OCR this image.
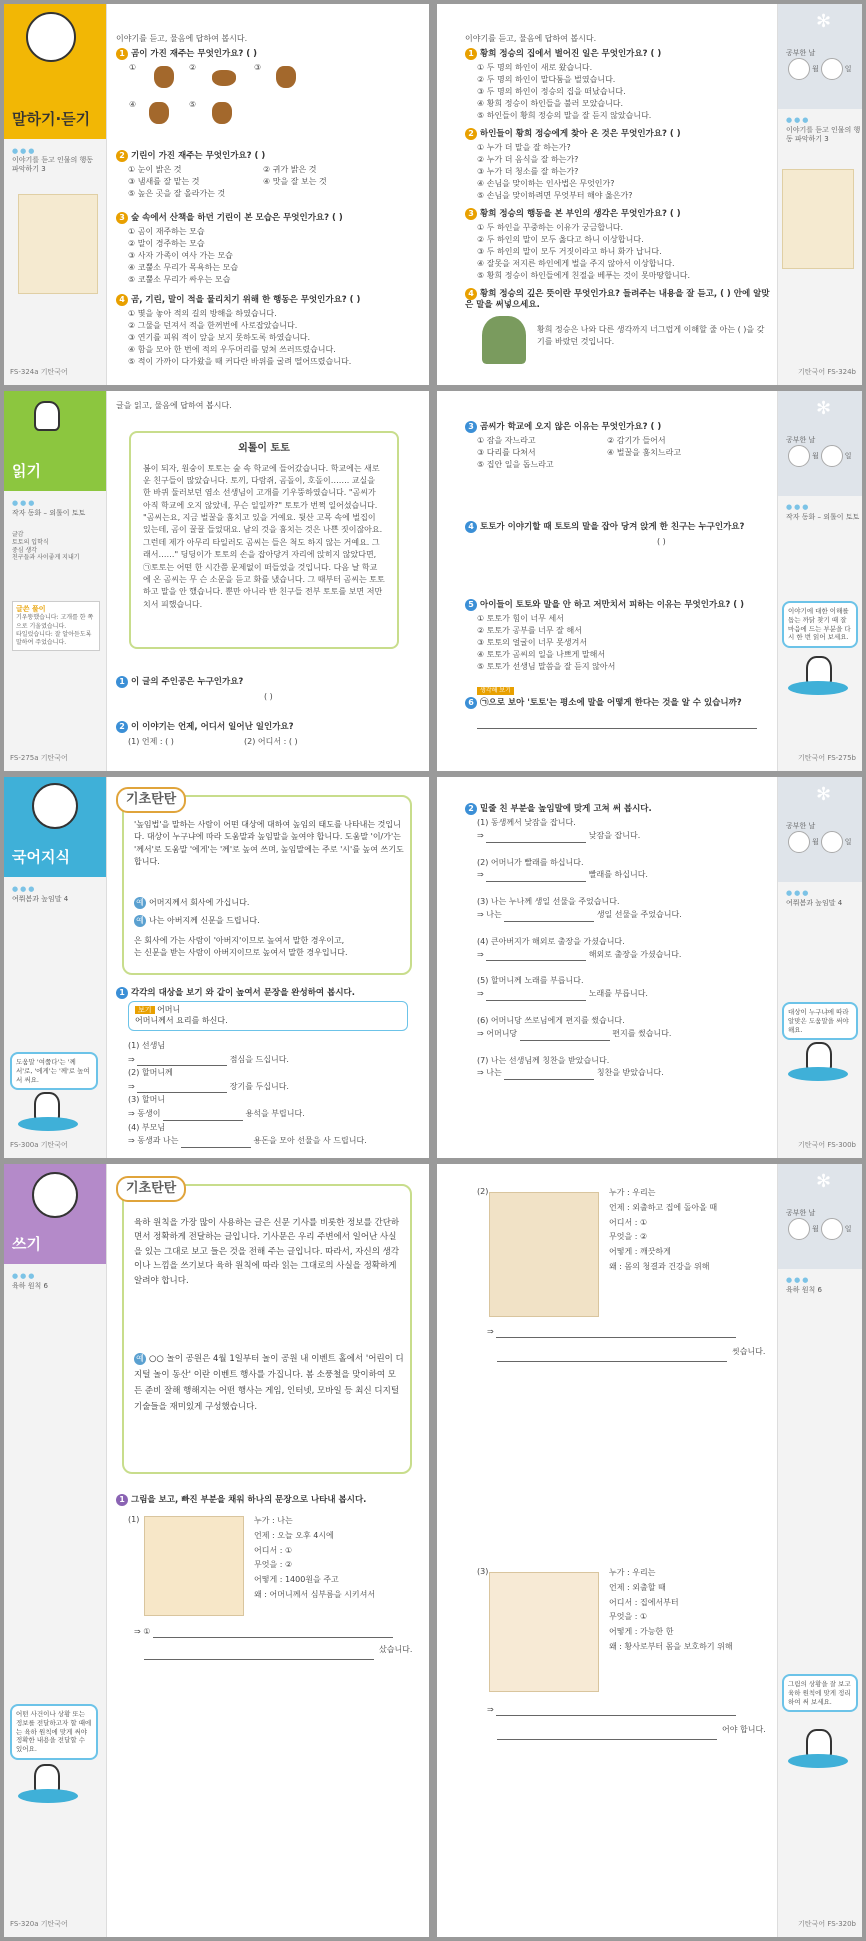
말하기·듣기
●●●
이야기를 듣고 인물의 행동 파악하기 3
FS-324a 기탄국어
이야기를 듣고, 물음에 답하여 봅시다.
1 곰이 가진 재주는 무엇인가요? ( )
①	②	③
④	⑤
2 기린이 가진 재주는 무엇인가요? ( )
① 눈이 밝은 것	② 귀가 밝은 것
③ 냄새를 잘 맡는 것	④ 맛을 잘 보는 것
⑤ 높은 곳을 잘 올라가는 것
3 숲 속에서 산책을 하던 기린이 본 모습은 무엇인가요? ( )
① 곰이 재주하는 모습
② 말이 경주하는 모습
③ 사자 가족이 여사 가는 모습
④ 코뿔소 무리가 목욕하는 모습
⑤ 코뿔소 무리가 싸우는 모습
4 곰, 기린, 말이 적을 물리치기 위해 한 행동은 무엇인가요? ( )
① 몇을 놓아 적의 길의 방해을 하였습니다.
② 그물을 던져서 적을 한꺼번에 사로잡았습니다.
③ 연기를 피워 적이 앞을 보지 못하도록 하였습니다.
④ 함을 모아 한 번에 적의 우두머리를 덮쳐 쓰러뜨렸습니다.
⑤ 적이 가까이 다가왔을 때 커다란 바위를 굴려 떨어뜨렸습니다.
✻
공부한 날
월	일
●●●
이야기를 듣고 인물의 행동 파악하기 3
기탄국어 FS-324b
이야기를 듣고, 물음에 답하여 봅시다.
1 황희 정승의 집에서 벌어진 일은 무엇인가요? ( )
① 두 명의 하인이 새로 왔습니다.
② 두 명의 하인이 말다툼을 벌였습니다.
③ 두 명의 하인이 정승의 집을 떠났습니다.
④ 황희 정승이 하인들을 불러 모았습니다.
⑤ 하인들이 황희 정승의 말을 잘 듣지 않았습니다.
2 하인들이 황희 정승에게 찾아 온 것은 무엇인가요? ( )
① 누가 더 말을 잘 하는가?
② 누가 더 음식을 잘 하는가?
③ 누가 더 청소를 잘 하는가?
④ 손님을 맞이하는 인사법은 무엇인가?
⑤ 손님을 맞이하려면 무엇부터 해야 옳은가?
3 황희 정승의 행동을 본 부인의 생각은 무엇인가요? ( )
① 두 하인을 꾸중하는 이유가 궁금합니다.
② 두 하인의 말이 모두 옳다고 하니 이상합니다.
③ 두 하인의 말이 모두 거짓이라고 하니 화가 납니다.
④ 잘못을 저지른 하인에게 벌을 주지 않아서 이상합니다.
⑤ 황희 정승이 하인들에게 친절을 베푸는 것이 못마땅합니다.
4 황희 정승의 깊은 뜻이란 무엇인가요? 들려주는 내용을 잘 듣고, ( ) 안에 알맞은 말을 써넣으세요.
황희 정승은 나와 다른 생각까지 너그럽게 이해할 줄 아는 ( )을 갖기를 바랐던 것입니다.
읽기
●●●
작자 동화 – 외톨이 토토
글감
토토의 입학식
중심 생각
친구들과 사이좋게 지내기
글쓴 풀이
기우뚱했습니다: 고개를 한 쪽으로 기울였습니다.
타일렀습니다: 잘 알아듣도록 말하여 주었습니다.
FS-275a 기탄국어
글을 읽고, 물음에 답하여 봅시다.
외톨이 토토
봄이 되자, 원숭이 토토는 숲 속 학교에 들어갔습니다. 학교에는 새로운 친구들이 많았습니다. 토끼, 다람쥐, 곰돌이, 호돌이……. 교실을 한 바퀴 둘러보던 염소 선생님이 고개를 기우뚱하였습니다. "곰씨가 아직 학교에 오지 않았네, 무슨 일일까?" 토토가 번쩍 일어섰습니다. "곰씨는요, 지금 벌꿀을 훔치고 있을 거예요. 뒷산 고목 속에 벌집이 있는데, 곰이 꿀꿀 들었대요. 남의 것을 훔치는 것은 나쁜 짓이잖아요. 그런데 제가 아무리 타일러도 곰씨는 들은 척도 하지 않는 거예요. 그래서……" 딩딩이가 토토의 손을 잡아당겨 자리에 앉히지 않았다면, ㉠토토는 어떤 한 시간쯤 문제없이 떠들었을 것입니다. 다음 날 학교에 온 곰씨는 무 슨 소문을 듣고 화를 냈습니다. 그 때부터 곰씨는 토토하고 말을 안 했습니다. 뿐만 아니라 반 친구들 전부 토토를 보면 저만치서 피했습니다.
1 이 글의 주인공은 누구인가요?
( )
2 이 이야기는 언제, 어디서 일어난 일인가요?
(1) 언제 : ( )	(2) 어디서 : ( )
✻
공부한 날
월	일
●●●
작자 동화 – 외톨이 토토
이야기에 대한 이해를 돕는 까닭 찾기 때 잘 마음에 드는 부분을 다시 한 번 읽어 보세요.
기탄국어 FS-275b
3 곰씨가 학교에 오지 않은 이유는 무엇인가요? ( )
① 잠을 자느라고	② 감기가 들어서
③ 다리를 다쳐서	④ 벌꿀을 훔치느라고
⑤ 집안 일을 돕느라고
4 토토가 이야기할 때 토토의 말을 잡아 당겨 앉게 한 친구는 누구인가요?
( )
5 아이들이 토토와 말을 안 하고 저만치서 피하는 이유는 무엇인가요? ( )
① 토토가 힘이 너무 세서
② 토토가 공부를 너무 잘 해서
③ 토토의 얼굴이 너무 못생겨서
④ 토토가 곰씨의 일을 나쁘게 말해서
⑤ 토토가 선생님 말씀을 잘 듣지 않아서
생각해 보기
6 ㉠으로 보아 '토토'는 평소에 말을 어떻게 한다는 것을 알 수 있습니까?
국어지식
●●●
여쭤봄과 높임말 4
도움말 '여쭙다'는 '께서'로, '에게'는 '께'로 높여서 써요.
FS-300a 기탄국어
기초탄탄
'높임법'을 말하는 사람이 어떤 대상에 대하여 높임의 태도를 나타내는 것입니다. 대상이 누구냐에 따라 도움말과 높임말을 높여야 합니다. 도움말 '이/가'는 '께서'로 도움말 '에게'는 '께'로 높여 쓰며, 높임말에는 주로 '시'를 높여 쓰기도 합니다.
예 어머지께서 회사에 가십니다.
예 나는 아버지께 신문을 드립니다.
은 회사에 가는 사람이 '아버지'이므로 높여서 말한 경우이고,
는 신문을 받는 사람이 아버지이므로 높여서 말한 경우입니다.
1 각각의 대상을 보기 와 같이 높여서 문장을 완성하여 봅시다.
보기 어머니
어머니께서 요리를 하신다.
(1) 선생님
⇒	점심을 드십니다.
(2) 할머니께
⇒	장기를 두십니다.
(3) 할머니
⇒ 동생이	용석을 부립니다.
(4) 부모님
⇒ 동생과 나는	용돈을 모아 선물을 사 드립니다.
✻
공부한 날
월	일
●●●
여쭤봄과 높임말 4
대상이 누구냐에 따라 알맞은 도움말을 써야 해요.
기탄국어 FS-300b
2 밑줄 친 부분을 높임말에 맞게 고쳐 써 봅시다.
(1) 동생께서 낮잠을 잡니다.
⇒	낮잠을 잡니다.
(2) 어머니가 빨래를 하십니다.
⇒	빨래를 하십니다.
(3) 나는 누나께 생일 선물을 주었습니다.
⇒ 나는	생일 선물을 주었습니다.
(4) 큰아버지가 해외로 출장을 가셨습니다.
⇒	해외로 출장을 가셨습니다.
(5) 할머니께 노래를 부릅니다.
⇒	노래를 부릅니다.
(6) 어머니당 쓰로님에게 편지를 썼습니다.
⇒ 어머니당	편지를 썼습니다.
(7) 나는 선생님께 칭찬을 받았습니다.
⇒ 나는	칭찬을 받았습니다.
쓰기
●●●
육하 원칙 6
어떤 사건이나 상황 또는 정보를 전달하고자 할 때에는 육하 원칙에 맞게 써야 정확한 내용을 전달할 수 있어요.
FS-320a 기탄국어
기초탄탄
육하 원칙을 가장 많이 사용하는 글은 신문 기사를 비롯한 정보를 간단하면서 정확하게 전달하는 글입니다. 기사문은 우리 주변에서 일어난 사실을 있는 그대로 보고 들은 것을 전해 주는 글입니다. 따라서, 자신의 생각이나 느낌을 쓰기보다 육하 원칙에 따라 읽는 그대로의 사실을 정확하게 알려야 합니다.
예 ○○ 놀이 공원은 4월 1일부터 놀이 공원 내 이벤트 홀에서 '어린이 디지털 놀이 동산' 이란 이벤트 행사를 가집니다. 봄 소풍철을 맞이하여 모든 준비 잘해 행해지는 어떤 행사는 게임, 인터넷, 모바일 등 최신 디지털 기술들을 재미있게 구성했습니다.
1 그림을 보고, 빠진 부분을 채워 하나의 문장으로 나타내 봅시다.
(1)	누가 : 나는
언제 : 오늘 오후 4시에
어디서 : ①
무엇을 : ②
어떻게 : 1400원을 주고
왜 : 어머니께서 심부름을 시키셔서
⇒ ①
샀습니다.
✻
공부한 날
월	일
●●●
육하 원칙 6
그림의 상황을 잘 보고 육하 원칙에 맞게 정리하여 써 보세요.
기탄국어 FS-320b
(2)	누가 : 우리는
언제 : 외출하고 집에 돌아올 때
어디서 : ①
무엇을 : ②
어떻게 : 깨끗하게
왜 : 몸의 청결과 건강을 위해
⇒
씻습니다.
(3)	누가 : 우리는
언제 : 외출할 때
어디서 : 집에서부터
무엇을 : ①
어떻게 : 가능한 한
왜 : 황사로부터 몸을 보호하기 위해
⇒
어야 합니다.
